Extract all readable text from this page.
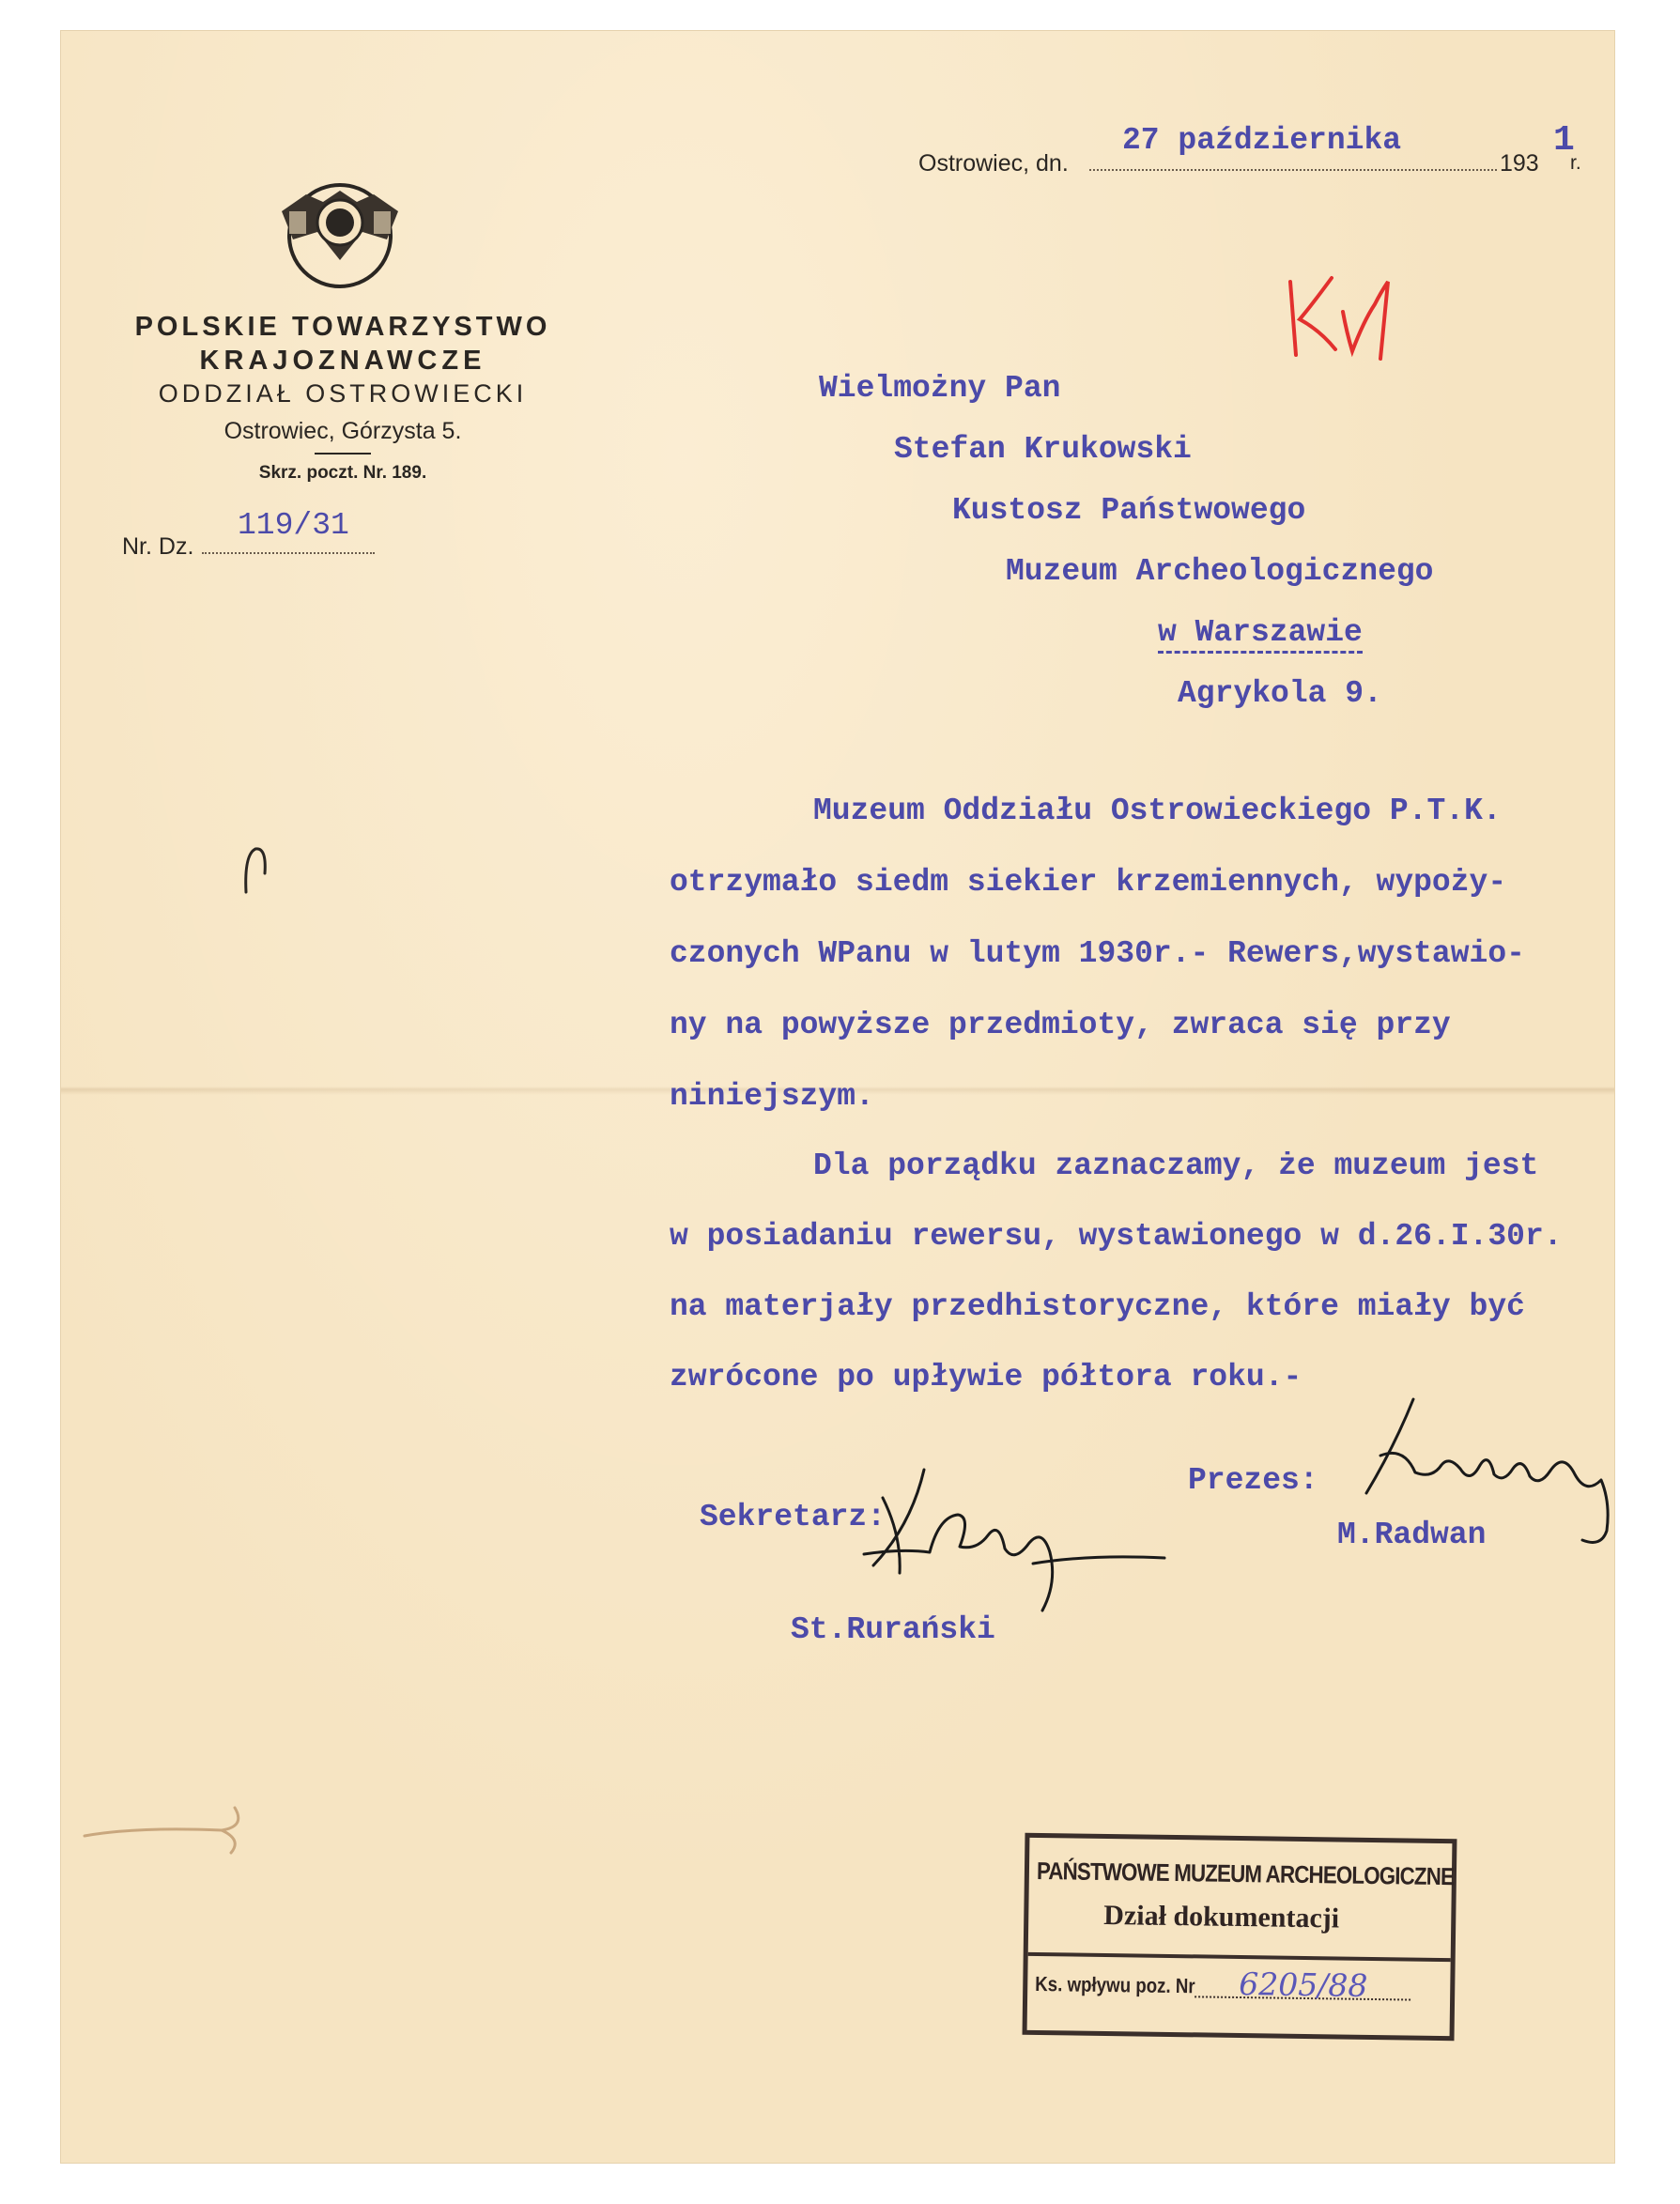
POLSKIE TOWARZYSTWO
KRAJOZNAWCZE
ODDZIAŁ OSTROWIECKI
Ostrowiec, Górzysta 5.
Skrz. poczt. Nr. 189.
Nr. Dz.
119/31
Ostrowiec, dn.
27 października
193
1
r.
Wielmożny Pan
Stefan Krukowski
Kustosz Państwowego
Muzeum Archeologicznego
w Warszawie
Agrykola 9.
Muzeum Oddziału Ostrowieckiego P.T.K.
otrzymało siedm siekier krzemiennych, wypoży-
czonych WPanu w lutym 1930r.- Rewers,wystawio-
ny na powyższe przedmioty, zwraca się przy
niniejszym.
Dla porządku zaznaczamy, że muzeum jest
w posiadaniu rewersu, wystawionego w d.26.I.30r.
na materjały przedhistoryczne, które miały być
zwrócone po upływie półtora roku.-
Prezes:
M.Radwan
Sekretarz:
St.Rurański
PAŃSTWOWE MUZEUM ARCHEOLOGICZNE
Dział dokumentacji
Ks. wpływu poz. Nr 6205/88
